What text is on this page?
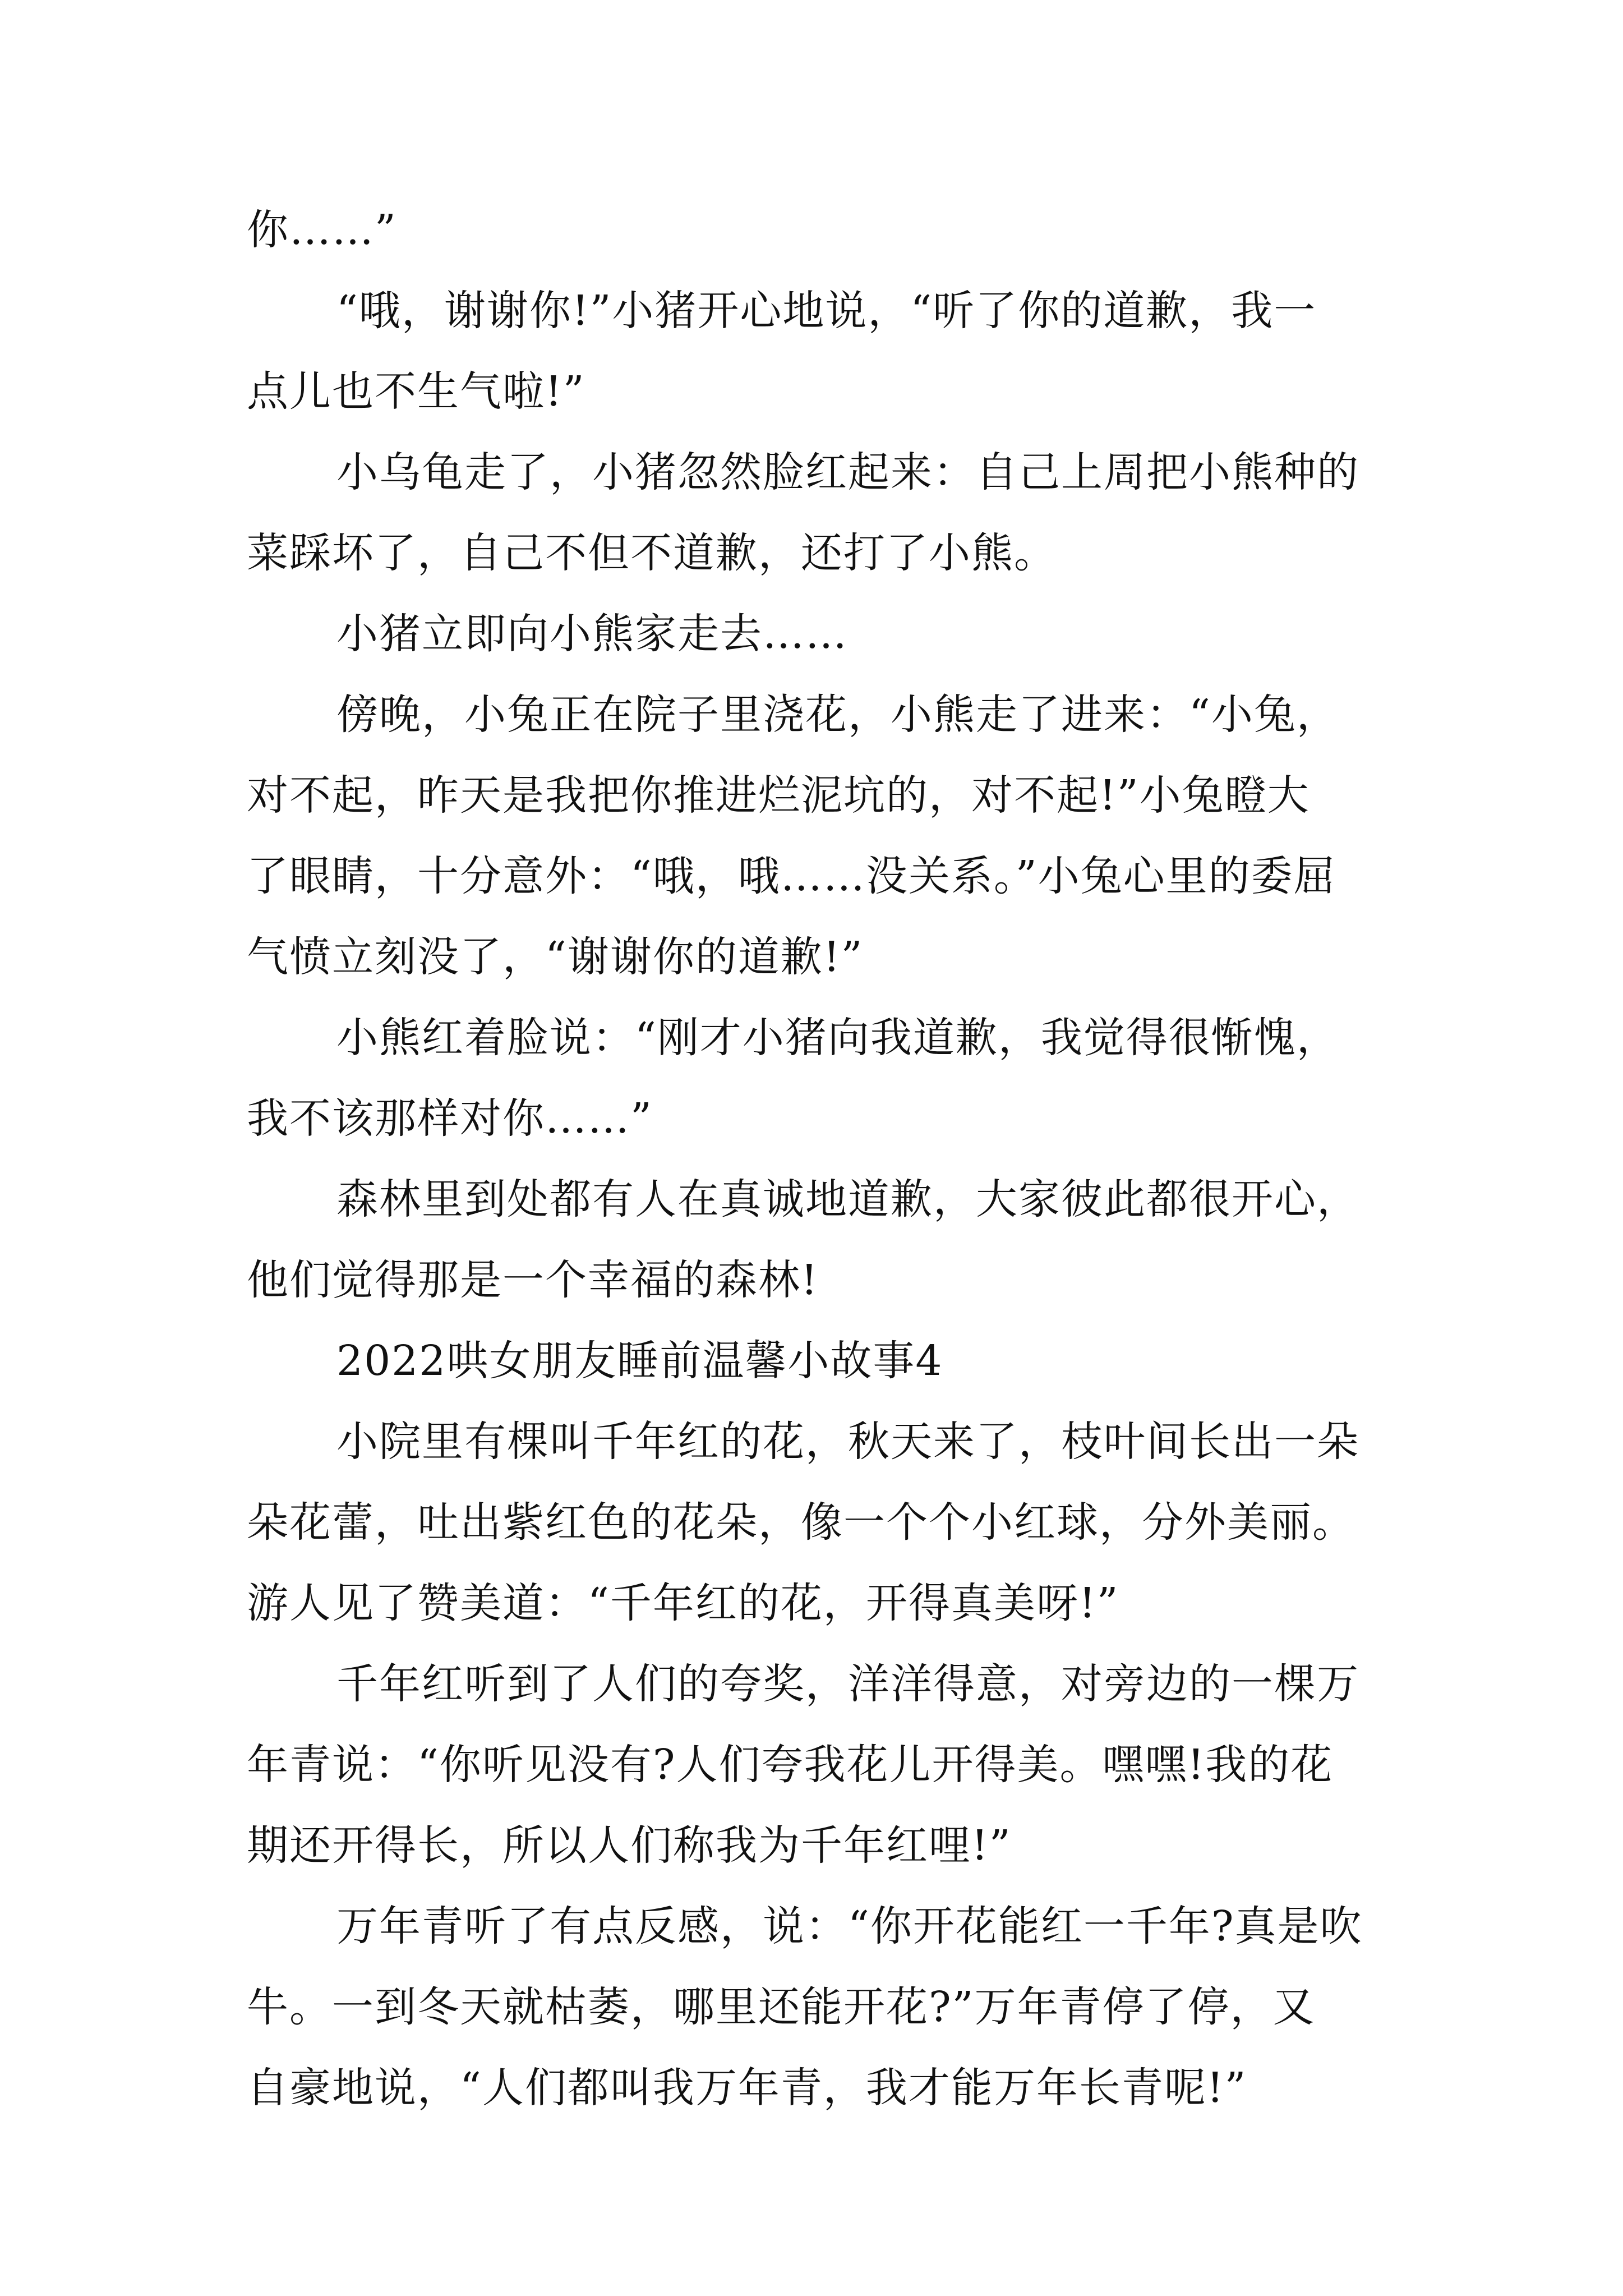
你……”
“哦，谢谢你!”小猪开心地说，“听了你的道歉，我一
点儿也不生气啦!”
小乌龟走了，小猪忽然脸红起来：自己上周把小熊种的
菜踩坏了，自己不但不道歉，还打了小熊。
小猪立即向小熊家走去……
傍晚，小兔正在院子里浇花，小熊走了进来：“小兔，
对不起，昨天是我把你推进烂泥坑的，对不起!”小兔瞪大
了眼睛，十分意外：“哦，哦……没关系。”小兔心里的委屈
气愤立刻没了，“谢谢你的道歉!”
小熊红着脸说：“刚才小猪向我道歉，我觉得很惭愧，
我不该那样对你……”
森林里到处都有人在真诚地道歉，大家彼此都很开心，
他们觉得那是一个幸福的森林!
2022哄女朋友睡前温馨小故事4
小院里有棵叫千年红的花，秋天来了，枝叶间长出一朵
朵花蕾，吐出紫红色的花朵，像一个个小红球，分外美丽。
游人见了赞美道：“千年红的花，开得真美呀!”
千年红听到了人们的夸奖，洋洋得意，对旁边的一棵万
年青说：“你听见没有?人们夸我花儿开得美。嘿嘿!我的花
期还开得长，所以人们称我为千年红哩!”
万年青听了有点反感，说：“你开花能红一千年?真是吹
牛。一到冬天就枯萎，哪里还能开花?”万年青停了停，又
自豪地说，“人们都叫我万年青，我才能万年长青呢!”
